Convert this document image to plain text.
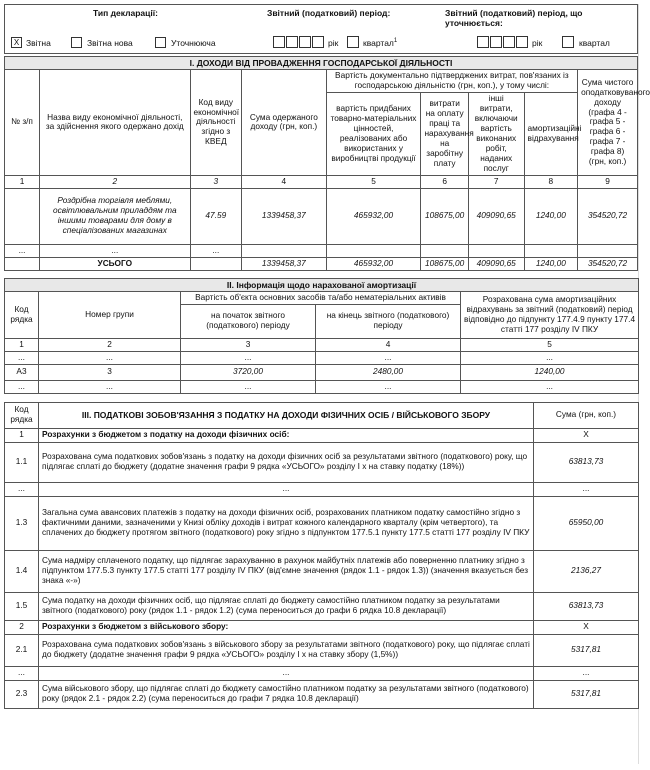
Тип декларації:	Звітний (податковий) період:	Звітний (податковий) період, що уточнюється:
X Звітна	Звітна нова	Уточнююча	рік	квартал$^1$	рік	квартал
І. ДОХОДИ ВІД ПРОВАДЖЕННЯ ГОСПОДАРСЬКОЇ ДІЯЛЬНОСТІ								
№ з/п	Назва виду економічної діяльності, за здійснення якого одержано дохід	Код виду економічної діяльності згідно з КВЕД	Сума одержаного доходу (грн, коп.)	Вартість документально підтверджених витрат, пов'язаних із господарською діяльністю (грн, коп.), у тому числі:				Сума чистого оподатковуваного доходу (графа 4 - графа 5 - графа 6 - графа 7 - графа 8) (грн, коп.)
				вартість придбаних товарно-матеріальних цінностей, реалізованих або використаних у виробництві продукції	витрати на оплату праці та нарахування на заробітну плату	інші витрати, включаючи вартість виконаних робіт, наданих послуг	амортизаційні відрахування	
1	2	3	4	5	6	7	8	9
	Роздрібна торгівля меблями, освітлювальним приладдям та іншими товарами для дому в спеціалізованих магазинах	47.59	1339458,37	465932,00	108675,00	409090,65	1240,00	354520,72
...	...	...						
	УСЬОГО		1339458,37	465932,00	108675,00	409090,65	1240,00	354520,72
ІІ. Інформація щодо нарахованої амортизації				
Код рядка	Номер групи	Вартість об'єкта основних засобів та/або нематеріальних активів		Розрахована сума амортизаційних відрахувань за звітний (податковий) період відповідно до підпункту 177.4.9 пункту 177.4 статті 177 розділу IV ПКУ
		на початок звітного (податкового) періоду	на кінець звітного (податкового) періоду	
1	2	3	4	5
...	...	...	...	...
А3	3	3720,00	2480,00	1240,00
...	...	...	...	...
Код рядка	ІІІ. ПОДАТКОВІ ЗОБОВ'ЯЗАННЯ З ПОДАТКУ НА ДОХОДИ ФІЗИЧНИХ ОСІБ / ВІЙСЬКОВОГО ЗБОРУ	Сума (грн, коп.)
1	Розрахунки з бюджетом з податку на доходи фізичних осіб:	Х
1.1	Розрахована сума податкових зобов'язань з податку на доходи фізичних осіб за результатами звітного (податкового) року, що підлягає сплаті до бюджету (додатне значення графи 9 рядка «УСЬОГО» розділу І х на ставку податку (18%))	63813,73
...	...	...
1.3	Загальна сума авансових платежів з податку на доходи фізичних осіб, розрахованих платником податку самостійно згідно з фактичними даними, зазначеними у Книзі обліку доходів і витрат кожного календарного кварталу (крім четвертого), та сплачених до бюджету протягом звітного (податкового) року згідно з підпунктом 177.5.1 пункту 177.5 статті 177 розділу IV ПКУ	65950,00
1.4	Сума надміру сплаченого податку, що підлягає зарахуванню в рахунок майбутніх платежів або поверненню платнику згідно з підпунктом 177.5.3 пункту 177.5 статті 177 розділу IV ПКУ (від'ємне значення (рядок 1.1 - рядок 1.3)) (значення вказується без знака «-»)	2136,27
1.5	Сума податку на доходи фізичних осіб, що підлягає сплаті до бюджету самостійно платником податку за результатами звітного (податкового) року (рядок 1.1 - рядок 1.2) (сума переноситься до графи 6 рядка 10.8 декларації)	63813,73
2	Розрахунки з бюджетом з військового збору:	Х
2.1	Розрахована сума податкових зобов'язань з військового збору за результатами звітного (податкового) року, що підлягає сплаті до бюджету (додатне значення графи 9 рядка «УСЬОГО» розділу І х на ставку збору (1,5%))	5317,81
...	...	...
2.3	Сума військового збору, що підлягає сплаті до бюджету самостійно платником податку за результатами звітного (податкового) року (рядок 2.1 - рядок 2.2) (сума переноситься до графи 7 рядка 10.8 декларації)	5317,81
